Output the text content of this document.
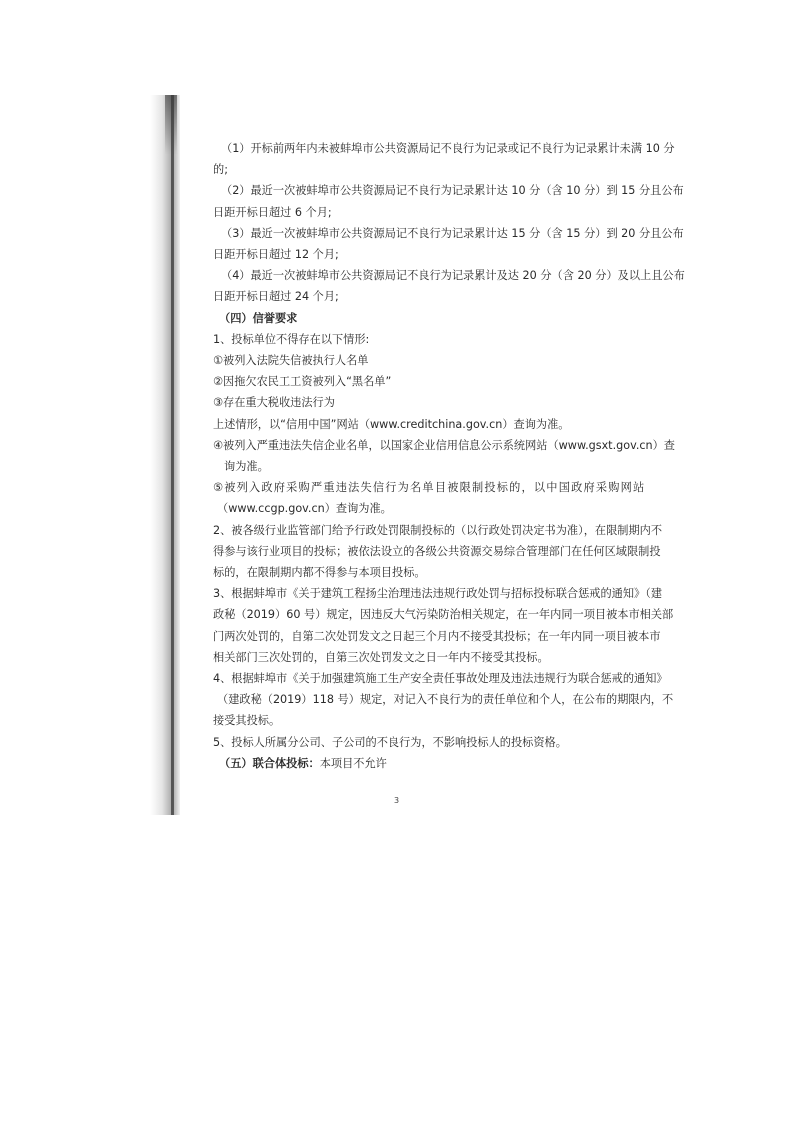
（1）开标前两年内未被蚌埠市公共资源局记不良行为记录或记不良行为记录累计未满 10 分

的;

（2）最近一次被蚌埠市公共资源局记不良行为记录累计达 10 分（含 10 分）到 15 分且公布

日距开标日超过 6 个月;

（3）最近一次被蚌埠市公共资源局记不良行为记录累计达 15 分（含 15 分）到 20 分且公布

日距开标日超过 12 个月;

（4）最近一次被蚌埠市公共资源局记不良行为记录累计及达 20 分（含 20 分）及以上且公布

日距开标日超过 24 个月;

（四）信誉要求

1、投标单位不得存在以下情形:

①被列入法院失信被执行人名单

②因拖欠农民工工资被列入“黑名单”

③存在重大税收违法行为

上述情形，以“信用中国”网站（www.creditchina.gov.cn）查询为准。

④被列入严重违法失信企业名单，以国家企业信用信息公示系统网站（www.gsxt.gov.cn）查

询为准。

⑤被列入政府采购严重违法失信行为名单目被限制投标的，以中国政府采购网站

（www.ccgp.gov.cn）查询为准。

2、被各级行业监管部门给予行政处罚限制投标的（以行政处罚决定书为准），在限制期内不

得参与该行业项目的投标；被依法设立的各级公共资源交易综合管理部门在任何区域限制投

标的，在限制期内都不得参与本项目投标。

3、根据蚌埠市《关于建筑工程扬尘治理违法违规行政处罚与招标投标联合惩戒的通知》（建

政秘（2019）60 号）规定，因违反大气污染防治相关规定，在一年内同一项目被本市相关部

门两次处罚的，自第二次处罚发文之日起三个月内不接受其投标；在一年内同一项目被本市

相关部门三次处罚的，自第三次处罚发文之日一年内不接受其投标。

4、根据蚌埠市《关于加强建筑施工生产安全责任事故处理及违法违规行为联合惩戒的通知》

（建政秘（2019）118 号）规定，对记入不良行为的责任单位和个人，在公布的期限内，不

接受其投标。

5、投标人所属分公司、子公司的不良行为，不影响投标人的投标资格。

（五）联合体投标：本项目不允许

3
